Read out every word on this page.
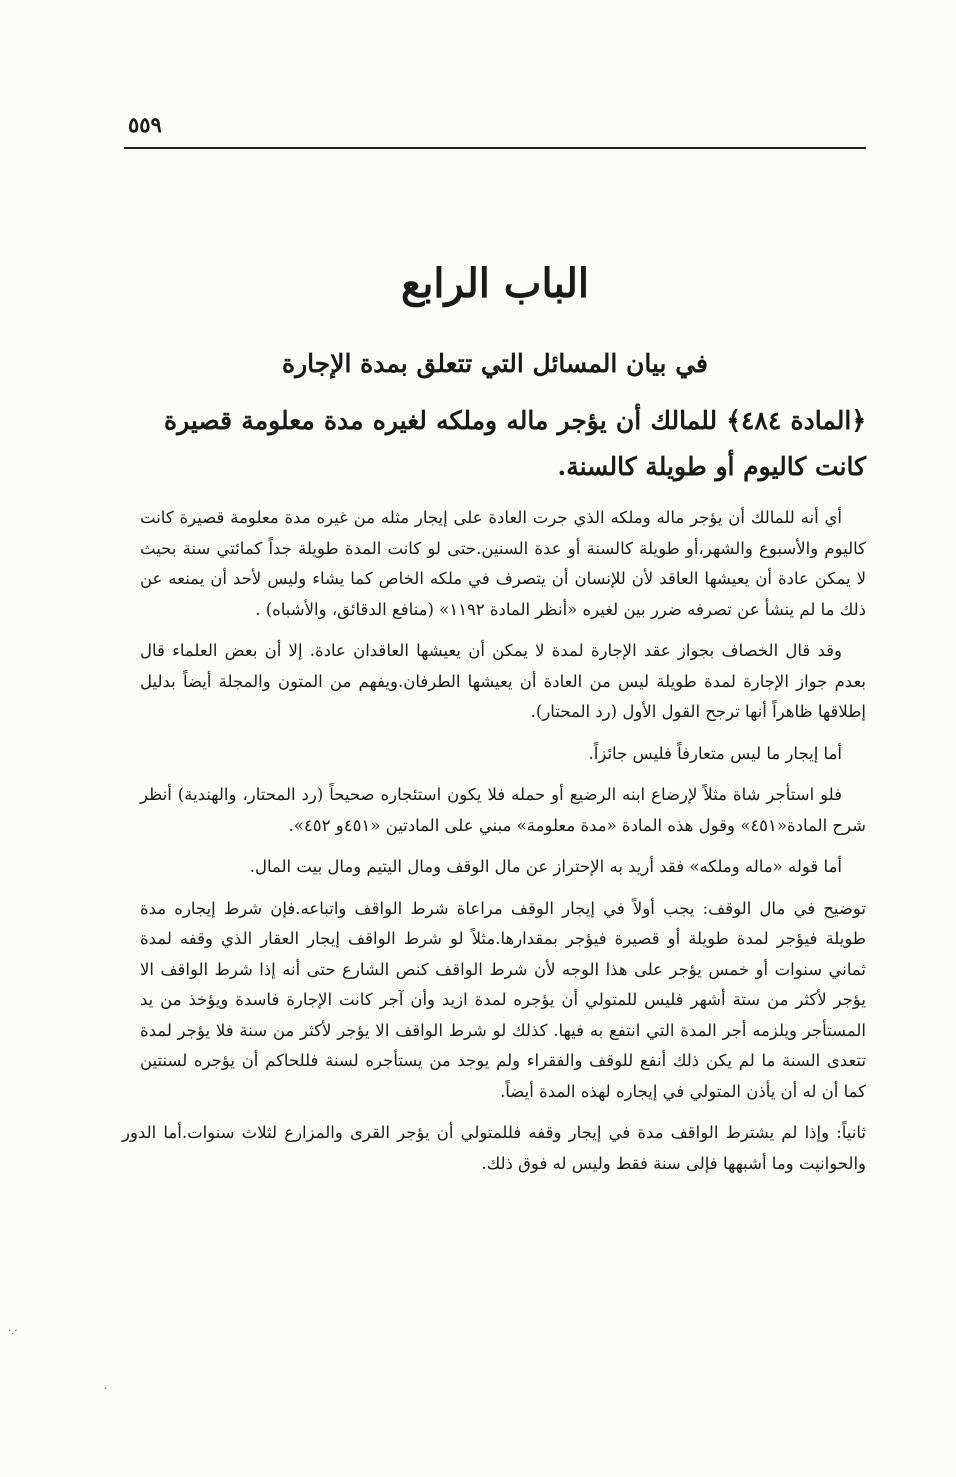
٥٥٩
الباب الرابع
في بيان المسائل التي تتعلق بمدة الإجارة

﴿المادة ٤٨٤﴾ للمالك أن يؤجر ماله وملكه لغيره مدة معلومة قصيرة كانت كاليوم أو طويلة كالسنة.

أي أنه للمالك أن يؤجر ماله وملكه الذي جرت العادة على إيجار مثله من غيره مدة معلومة قصيرة كانت كاليوم والأسبوع والشهر،أو طويلة كالسنة أو عدة السنين.حتى لو كانت المدة طويلة جداً كمائتي سنة بحيث لا يمكن عادة أن يعيشها العاقد لأن للإنسان أن يتصرف في ملكه الخاص كما يشاء وليس لأحد أن يمنعه عن ذلك ما لم ينشأ عن تصرفه ضرر بين لغيره «أنظر المادة ١١٩٢» (منافع الدقائق، والأشباه) .

وقد قال الخصاف بجواز عقد الإجارة لمدة لا يمكن أن يعيشها العاقدان عادة. إلا أن بعض العلماء قال بعدم جواز الإجارة لمدة طويلة ليس من العادة أن يعيشها الطرفان.ويفهم من المتون والمجلة أيضاً بدليل إطلاقها ظاهراً أنها ترجح القول الأول (رد المحتار).

أما إيجار ما ليس متعارفاً فليس جائزاً.

فلو استأجر شاة مثلاً لإرضاع ابنه الرضيع أو حمله فلا يكون استئجاره صحيحاً (رد المحتار، والهندية) أنظر شرح المادة«٤٥١» وقول هذه المادة «مدة معلومة» مبني على المادتين «٤٥١و ٤٥٢».

أما قوله «ماله وملكه» فقد أريد به الإحتراز عن مال الوقف ومال اليتيم ومال بيت المال.

توضيح في مال الوقف: يجب أولاً في إيجار الوقف مراعاة شرط الواقف واتباعه.فإن شرط إيجاره مدة طويلة فيؤجر لمدة طويلة أو قصيرة فيؤجر بمقدارها.مثلاً لو شرط الواقف إيجار العقار الذي وقفه لمدة ثماني سنوات أو خمس يؤجر على هذا الوجه لأن شرط الواقف كنص الشارع حتى أنه إذا شرط الواقف الا يؤجر لأكثر من ستة أشهر فليس للمتولي أن يؤجره لمدة ازيد وأن آجر كانت الإجارة فاسدة ويؤخذ من يد المستأجر ويلزمه أجر المدة التي انتفع به فيها. كذلك لو شرط الواقف الا يؤجر لأكثر من سنة فلا يؤجر لمدة تتعدى السنة ما لم يكن ذلك أنفع للوقف والفقراء ولم يوجد من يستأجره لسنة فللحاكم أن يؤجره لسنتين كما أن له أن يأذن المتولي في إيجاره لهذه المدة أيضاً.

ثانياً: وإذا لم يشترط الواقف مدة في إيجار وقفه فللمتولي أن يؤجر القرى والمزارع لثلاث سنوات.أما الدور والحوانيت وما أشبهها فإلى سنة فقط وليس له فوق ذلك.

·.·
·
